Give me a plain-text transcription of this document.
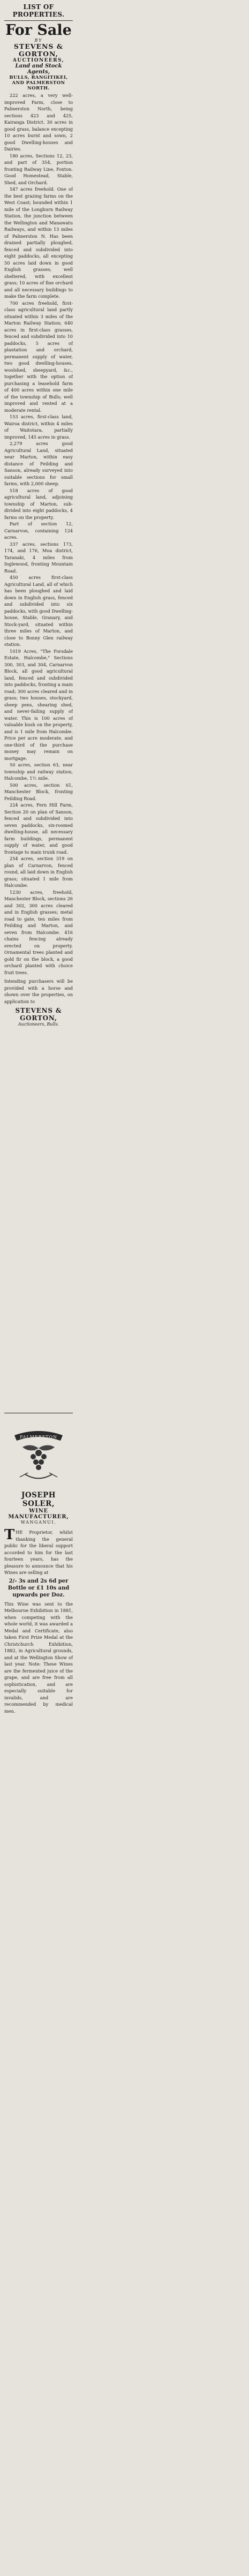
LIST OF PROPERTIES.
For Sale
BY
STEVENS & GORTON,
AUCTIONEERS,
Land and Stock Agents,
BULLS, RANGITIKEI, AND PALMERSTON NORTH.

222 acres, a very well-improved Farm, close to Palmerston North, being sections 423 and 425, Kairanga District. 30 acres in good grass, balance excepting 10 acres burnt and sown, 2 good Dwelling-houses and Dairies.

180 acres, Sections 12, 23, and part of 354, portion fronting Railway Line, Foxton. Good Homestead, Stable, Shed, and Orchard.

547 acres freehold. One of the best grazing farms on the West Coast; bounded within 1 mile of the Longburn Railway Station, the junction between the Wellington and Manawatu Railways, and within 13 miles of Palmerston N. Has been drained partially ploughed, fenced and subdivided into eight paddocks, all excepting 50 acres laid down in good English grasses; well sheltered, with excellent grass; 10 acres of fine orchard and all necessary buildings to make the farm complete.

700 acres freehold, first-class agricultural land partly situated within 3 miles of the Marton Railway Station; 640 acres in first-class grasses, fenced and subdivided into 10 paddocks, 5 acres of plantation and orchard, permanent supply of water, two good dwelling-houses, woolshed, sheepyard, &c., together with the option of purchasing a leasehold farm of 400 acres within one mile of the township of Bulls; well improved and rented at a moderate rental.

153 acres, first-class land, Wairoa district, within 4 miles of Waitotara, partially improved, 145 acres in grass.

2,279 acres good Agricultural Land, situated near Marton, within easy distance of Feilding and Sanson, already surveyed into suitable sections for small farms, with 2,000 sheep.

518 acres of good agricultural land, adjoining township of Marton, sub-divided into eight paddocks, 4 farms on the property.

Part of section 12, Carnarvon, containing 124 acres.

337 acres, sections 173, 174, and 176, Moa district, Taranaki, 4 miles from Inglewood, fronting Mountain Road.

450 acres first-class Agricultural Land, all of which has been ploughed and laid down in English grass, fenced and subdivided into six paddocks, with good Dwelling-house, Stable, Granary, and Stock-yard, situated within three miles of Marton, and close to Bonny Glen railway station.

1019 Acres, "The Forsdale Estate, Halcombe," Sections 300, 303, and 304, Carnarvon Block, all good agricultural land, fenced and subdivided into paddocks, fronting a main road; 300 acres cleared and in grass; two houses, stockyard, sheep pens, shearing shed, and never-failing supply of water. This is 100 acres of valuable bush on the property, and is 1 mile from Halcombe. Price per acre moderate, and one-third of the purchase money may remain on mortgage.

50 acres, section 63, near township and railway station, Halcombe, 1½ mile.

500 acres, section 61, Manchester Block, fronting Feilding Road.

224 acres, Fern Hill Farm, Section 20 on plan of Sanson, fenced and subdivided into seven paddocks, six-roomed dwelling-house, all necessary farm buildings, permanent supply of water, and good frontage to main trunk road.

254 acres, section 319 on plan of Carnarvon, fenced round, all laid down in English grass; situated 1 mile from Halcombe.

1230 acres, freehold, Manchester Block, sections 26 and 302, 300 acres cleared and in English grasses; metal road to gate, ten miles from Feilding and Marton, and seven from Halcombe. 416 chains fencing already erected on property. Ornamental trees planted and gold fir on the block, a good orchard planted with choice fruit trees.

Intending purchasers will be provided with a horse and shown over the properties, on application to

STEVENS & GORTON,
Auctioneers, Bulls.
PALMERSTON
JOSEPH SOLER,
WINE MANUFACTURER,
WANGANUI.

THE Proprietor, whilst thanking the general public for the liberal support accorded to him for the last fourteen years, has the pleasure to announce that his Wines are selling at

2/- 3s and 2s 6d per Bottle or £1 10s and upwards per Doz.

This Wine was sent to the Melbourne Exhibition in 1881, when competing with the whole world, it was awarded a Medal and Certificate, also taken First Prize Medal at the Christchurch Exhibition, 1882, in Agricultural grounds, and at the Wellington Show of last year. Note: These Wines are the fermented juice of the grape, and are free from all sophistication, and are especially suitable for invalids, and are recommended by medical men.
